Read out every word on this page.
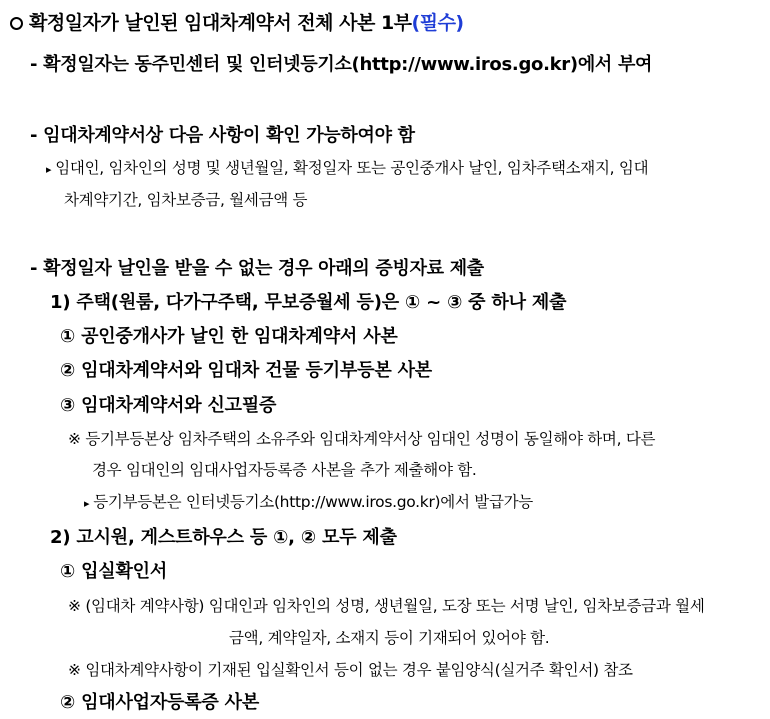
확정일자가 날인된 임대차계약서 전체 사본 1부(필수)
- 확정일자는 동주민센터 및 인터넷등기소(http://www.iros.go.kr)에서 부여
- 임대차계약서상 다음 사항이 확인 가능하여야 함
▸ 임대인, 임차인의 성명 및 생년월일, 확정일자 또는 공인중개사 날인, 임차주택소재지, 임대
차계약기간, 임차보증금, 월세금액 등
- 확정일자 날인을 받을 수 없는 경우 아래의 증빙자료 제출
1) 주택(원룸, 다가구주택, 무보증월세 등)은 ① ~ ③ 중 하나 제출
① 공인중개사가 날인 한 임대차계약서 사본
② 임대차계약서와 임대차 건물 등기부등본 사본
③ 임대차계약서와 신고필증
※ 등기부등본상 임차주택의 소유주와 임대차계약서상 임대인 성명이 동일해야 하며, 다른
경우 임대인의 임대사업자등록증 사본을 추가 제출해야 함.
▸ 등기부등본은 인터넷등기소(http://www.iros.go.kr)에서 발급가능
2) 고시원, 게스트하우스 등 ①, ② 모두 제출
① 입실확인서
※ (임대차 계약사항) 임대인과 임차인의 성명, 생년월일, 도장 또는 서명 날인, 임차보증금과 월세
금액, 계약일자, 소재지 등이 기재되어 있어야 함.
※ 임대차계약사항이 기재된 입실확인서 등이 없는 경우 붙임양식(실거주 확인서) 참조
② 임대사업자등록증 사본
